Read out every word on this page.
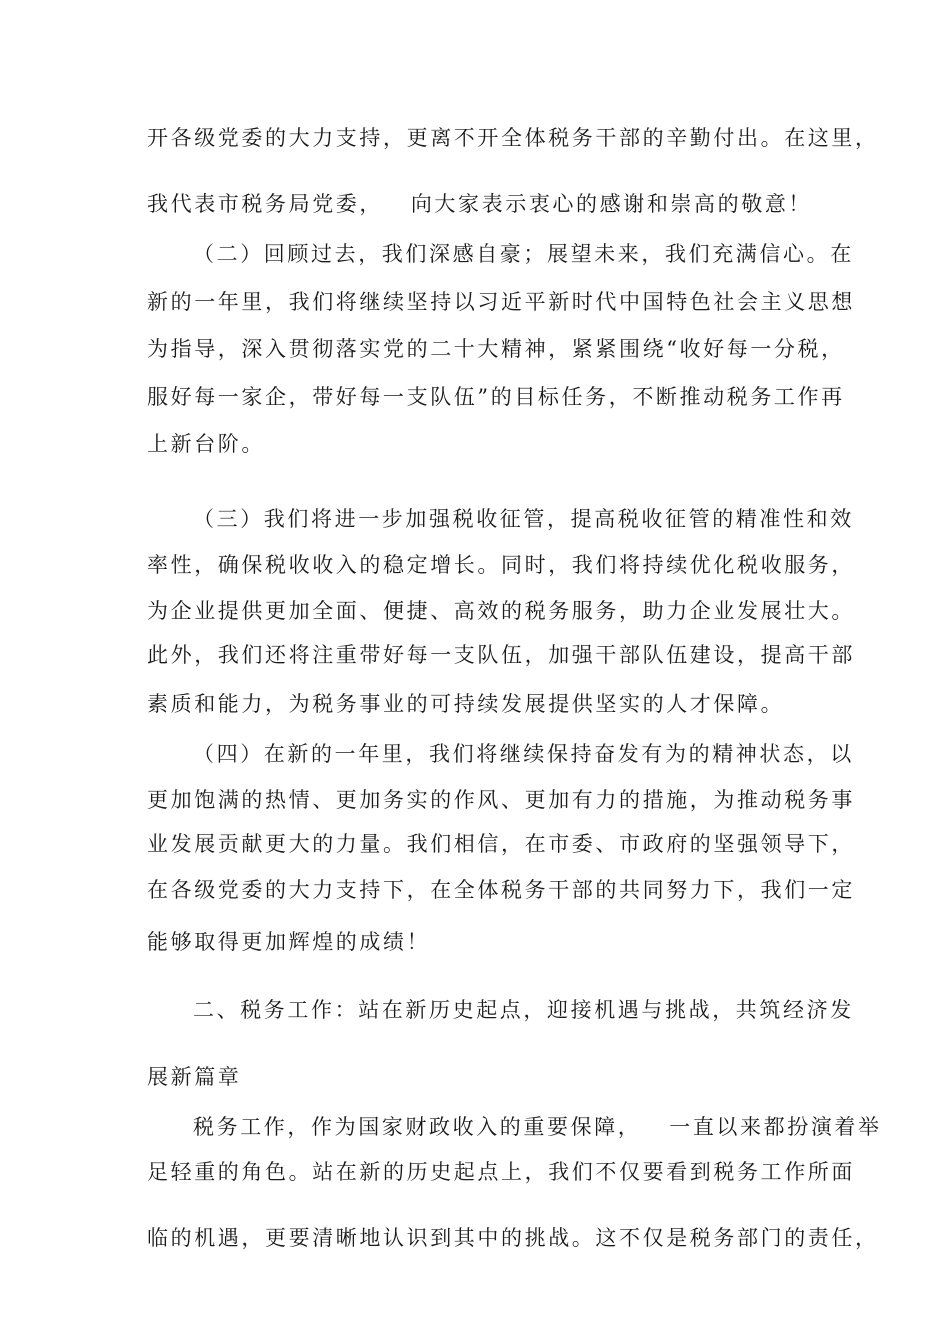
开各级党委的大力支持，更离不开全体税务干部的辛勤付出。在这里，
我代表市税务局党委，   向大家表示衷心的感谢和崇高的敬意！
（二）回顾过去，我们深感自豪；展望未来，我们充满信心。在
新的一年里，我们将继续坚持以习近平新时代中国特色社会主义思想
为指导，深入贯彻落实党的二十大精神，紧紧围绕“收好每一分税，
服好每一家企，带好每一支队伍”的目标任务，不断推动税务工作再
上新台阶。
（三）我们将进一步加强税收征管，提高税收征管的精准性和效
率性，确保税收收入的稳定增长。同时，我们将持续优化税收服务，
为企业提供更加全面、便捷、高效的税务服务，助力企业发展壮大。
此外，我们还将注重带好每一支队伍，加强干部队伍建设，提高干部
素质和能力，为税务事业的可持续发展提供坚实的人才保障。
（四）在新的一年里，我们将继续保持奋发有为的精神状态，以
更加饱满的热情、更加务实的作风、更加有力的措施，为推动税务事
业发展贡献更大的力量。我们相信，在市委、市政府的坚强领导下，
在各级党委的大力支持下，在全体税务干部的共同努力下，我们一定
能够取得更加辉煌的成绩！
二、税务工作：站在新历史起点，迎接机遇与挑战，共筑经济发
展新篇章
税务工作，作为国家财政收入的重要保障，   一直以来都扮演着举
足轻重的角色。站在新的历史起点上，我们不仅要看到税务工作所面
临的机遇，更要清晰地认识到其中的挑战。这不仅是税务部门的责任，
